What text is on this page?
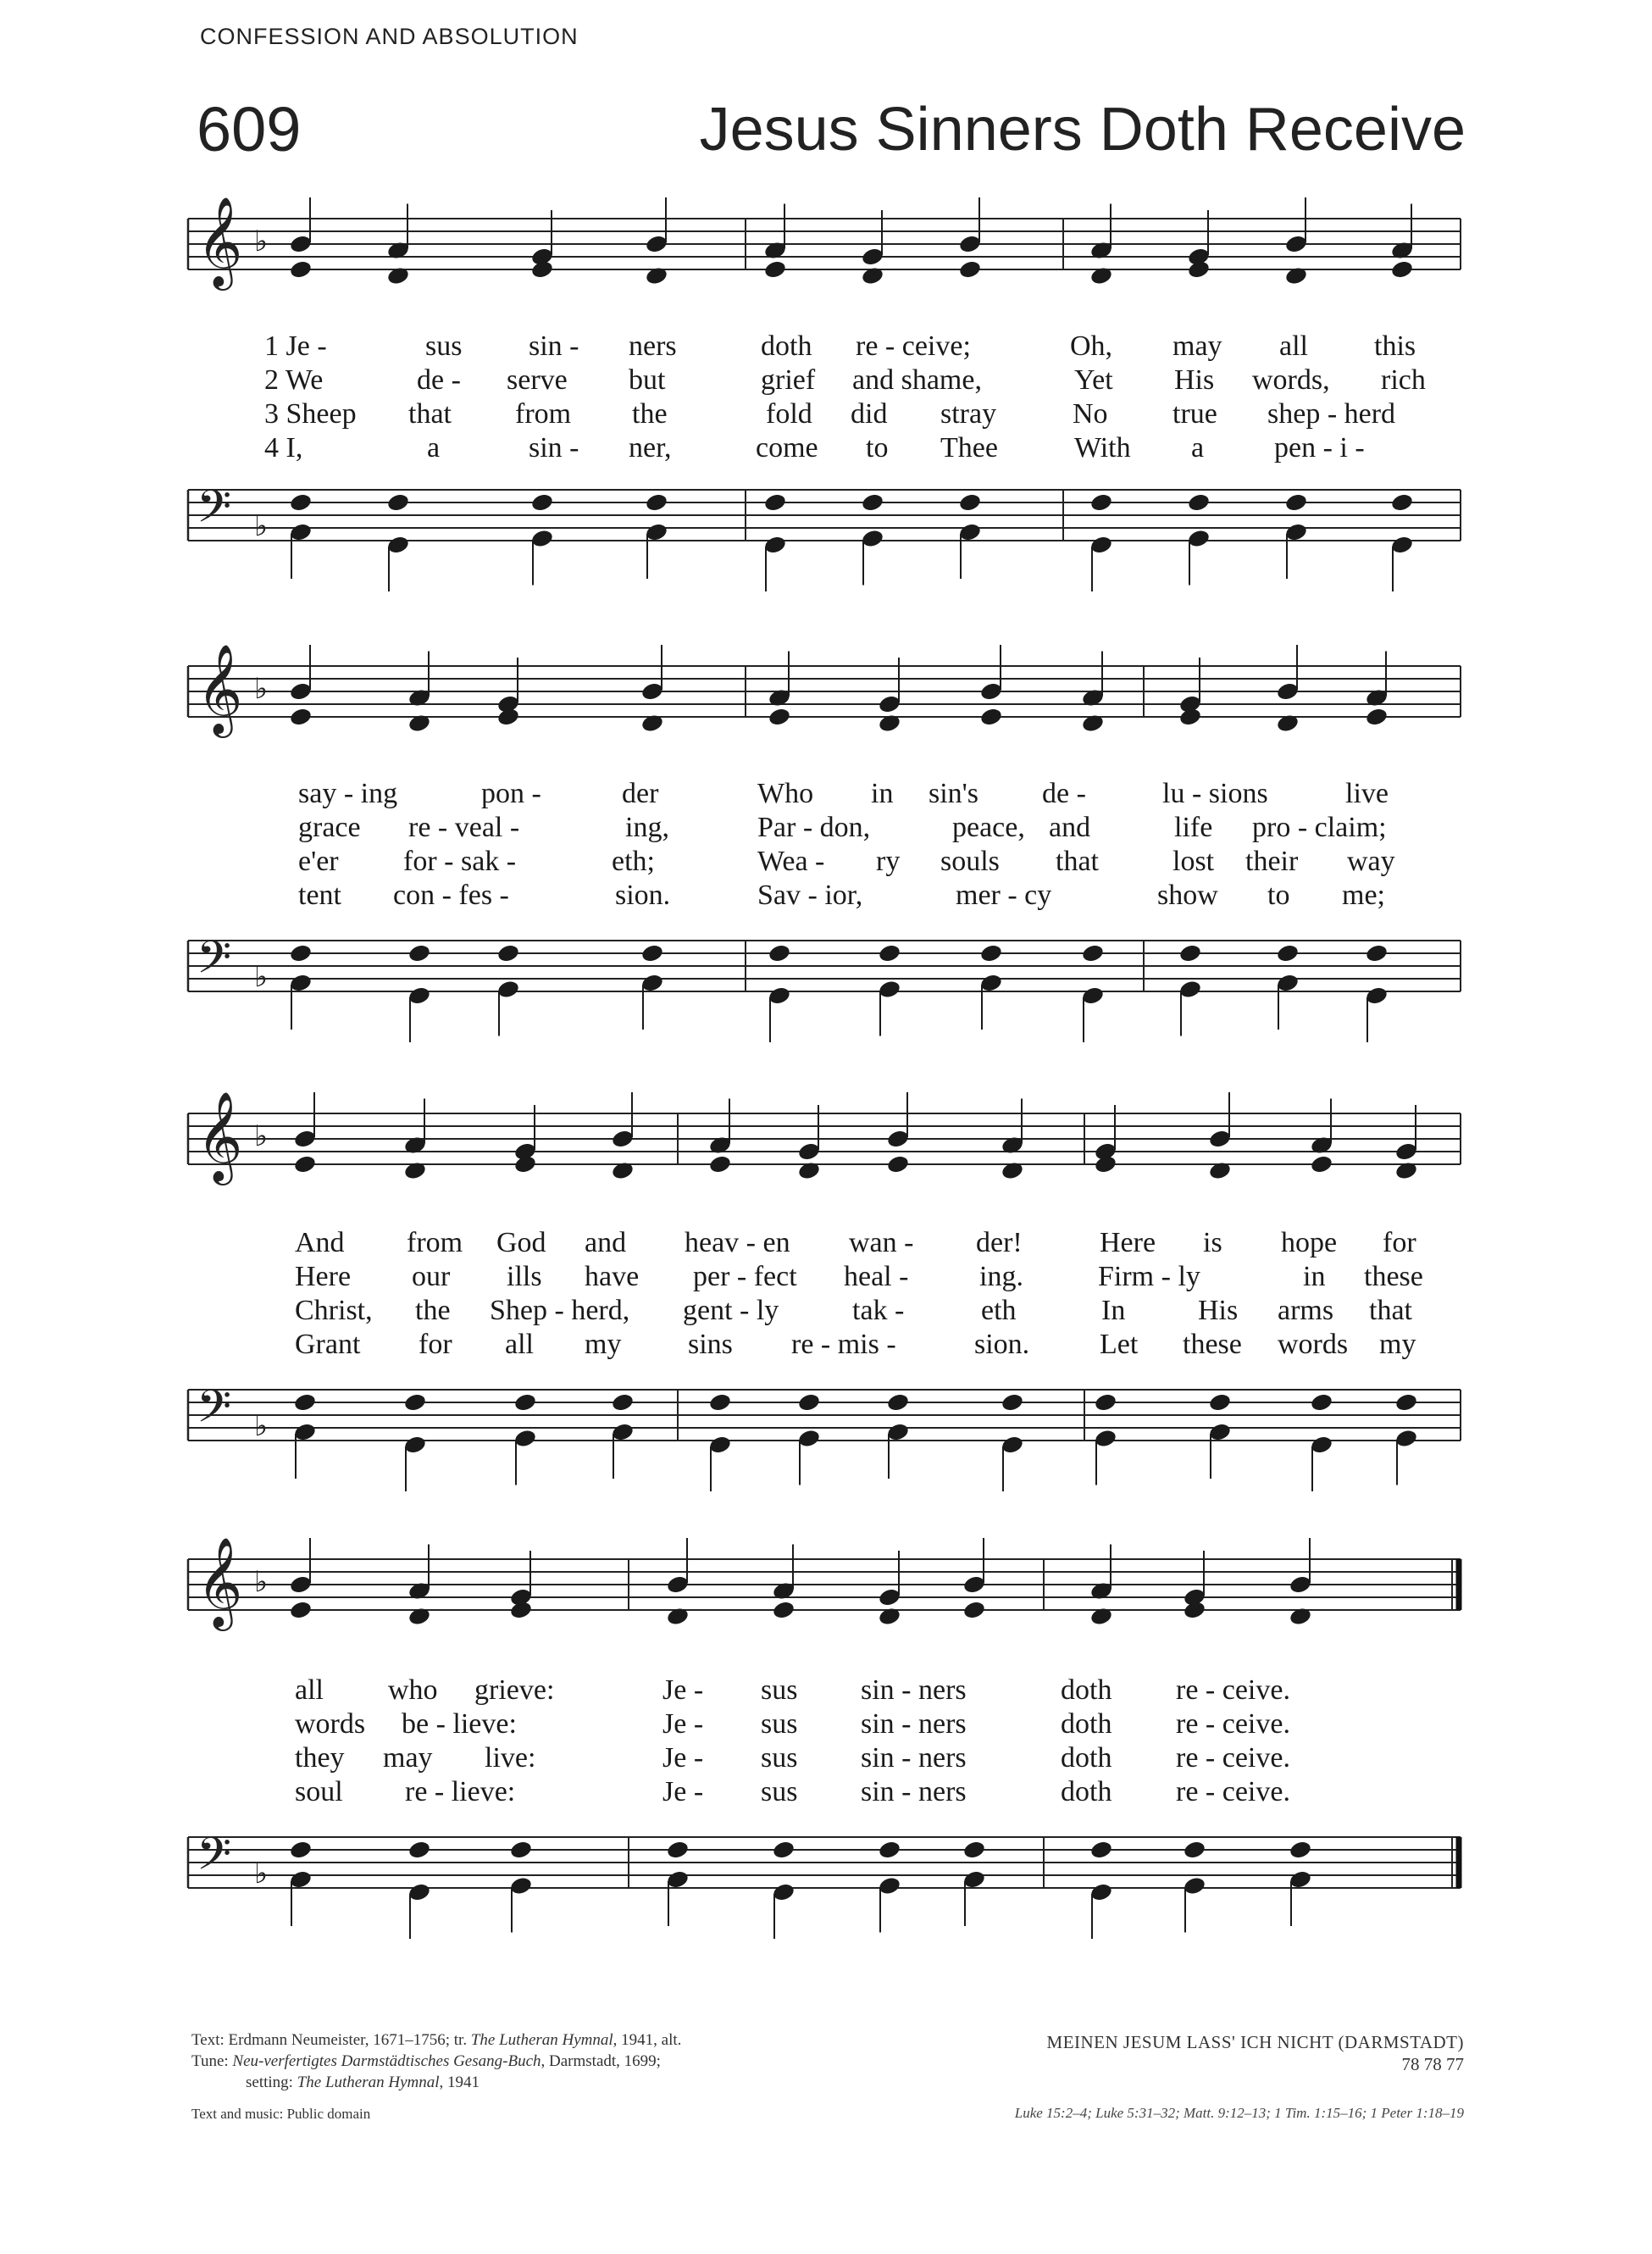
CONFESSION AND ABSOLUTION
609	Jesus Sinners Doth Receive
𝄞 ♭
𝄢 ♭
𝄞 ♭
𝄢 ♭
𝄞 ♭
𝄢 ♭
𝄞 ♭
𝄢 ♭
1 Je -	sus sin - ners	doth re - ceive;	Oh, may all this
2 We	de - serve but	grief and shame,	Yet His words, rich
3 Sheep that from the	fold did stray	No true shep - herd
4 I,	a	sin - ner,	come to Thee	With a pen - i -
say - ing	pon -	der	Who in sin's de -	lu - sions	live
grace re - veal -	ing,	Par - don,	peace, and	life pro - claim;
e'er for - sak -	eth;	Wea - ry souls that	lost their way
tent con - fes -	sion.	Sav - ior,	mer - cy	show to me;
And from God and heav - en wan - der!	Here is hope for
Here our ills have per - fect heal - ing.	Firm - ly	in these
Christ, the Shep - herd, gent - ly	tak -	eth	In	His arms that
Grant for all my sins re - mis -	sion. Let these words my
all who grieve:	Je - sus sin - ners	doth re - ceive.
words be - lieve:	Je - sus sin - ners	doth re - ceive.
they may live:	Je - sus sin - ners	doth re - ceive.
soul re - lieve:	Je - sus sin - ners	doth re - ceive.
Text: Erdmann Neumeister, 1671–1756; tr. The Lutheran Hymnal, 1941, alt.
Tune: Neu-verfertigtes Darmstädtisches Gesang-Buch, Darmstadt, 1699;
setting: The Lutheran Hymnal, 1941
Text and music: Public domain
MEINEN JESUM LASS' ICH NICHT (DARMSTADT)
78 78 77
Luke 15:2–4; Luke 5:31–32; Matt. 9:12–13; 1 Tim. 1:15–16; 1 Peter 1:18–19
